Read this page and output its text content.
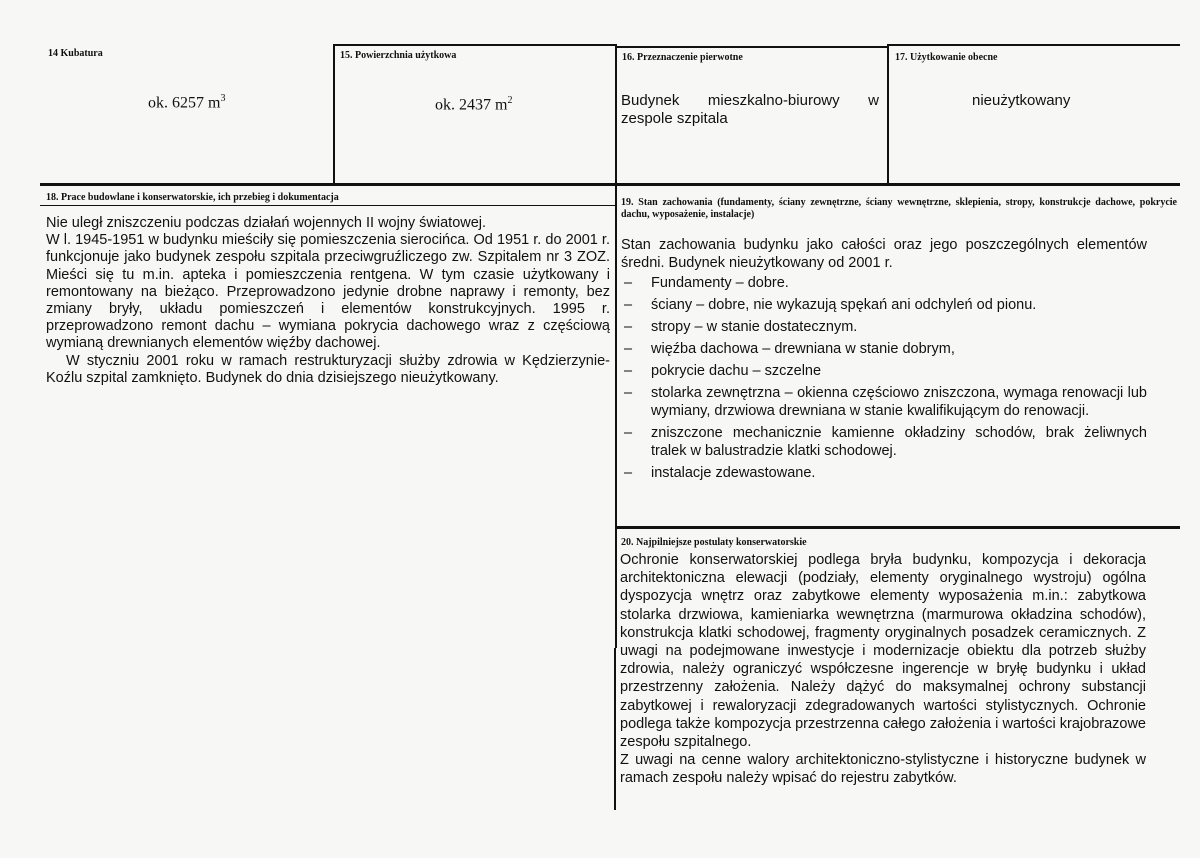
14 Kubatura
ok. 6257 $m^3$
15. Powierzchnia użytkowa
ok. 2437 $m^2$
16. Przeznaczenie pierwotne
Budynek mieszkalno-biurowy w zespole szpitala
17. Użytkowanie obecne
nieużytkowany
18. Prace budowlane i konserwatorskie, ich przebieg i dokumentacja

Nie uległ zniszczeniu podczas działań wojennych II wojny światowej.

W l. 1945-1951 w budynku mieściły się pomieszczenia sierocińca. Od 1951 r. do 2001 r. funkcjonuje jako budynek zespołu szpitala przeciwgruźliczego zw. Szpitalem nr 3 ZOZ. Mieści się tu m.in. apteka i pomieszczenia rentgena. W tym czasie użytkowany i remontowany na bieżąco. Przeprowadzono jedynie drobne naprawy i remonty, bez zmiany bryły, układu pomieszczeń i elementów konstrukcyjnych. 1995 r. przeprowadzono remont dachu – wymiana pokrycia dachowego wraz z częściową wymianą drewnianych elementów więźby dachowej.

W styczniu 2001 roku w ramach restrukturyzacji służby zdrowia w Kędzierzynie-Koźlu szpital zamknięto. Budynek do dnia dzisiejszego nieużytkowany.

19. Stan zachowania (fundamenty, ściany zewnętrzne, ściany wewnętrzne, sklepienia, stropy, konstrukcje dachowe, pokrycie dachu, wyposażenie, instalacje)

Stan zachowania budynku jako całości oraz jego poszczególnych elementów średni. Budynek nieużytkowany od 2001 r.

– Fundamenty – dobre.
– ściany – dobre, nie wykazują spękań ani odchyleń od pionu.
– stropy – w stanie dostatecznym.
– więźba dachowa – drewniana w stanie dobrym,
– pokrycie dachu – szczelne
– stolarka zewnętrzna – okienna częściowo zniszczona, wymaga renowacji lub wymiany, drzwiowa drewniana w stanie kwalifikującym do renowacji.
– zniszczone mechanicznie kamienne okładziny schodów, brak żeliwnych tralek w balustradzie klatki schodowej.
– instalacje zdewastowane.
20. Najpilniejsze postulaty konserwatorskie

Ochronie konserwatorskiej podlega bryła budynku, kompozycja i dekoracja architektoniczna elewacji (podziały, elementy oryginalnego wystroju) ogólna dyspozycja wnętrz oraz zabytkowe elementy wyposażenia m.in.: zabytkowa stolarka drzwiowa, kamieniarka wewnętrzna (marmurowa okładzina schodów), konstrukcja klatki schodowej, fragmenty oryginalnych posadzek ceramicznych. Z uwagi na podejmowane inwestycje i modernizacje obiektu dla potrzeb służby zdrowia, należy ograniczyć współczesne ingerencje w bryłę budynku i układ przestrzenny założenia. Należy dążyć do maksymalnej ochrony substancji zabytkowej i rewaloryzacji zdegradowanych wartości stylistycznych. Ochronie podlega także kompozycja przestrzenna całego założenia i wartości krajobrazowe zespołu szpitalnego.

Z uwagi na cenne walory architektoniczno-stylistyczne i historyczne budynek w ramach zespołu należy wpisać do rejestru zabytków.
